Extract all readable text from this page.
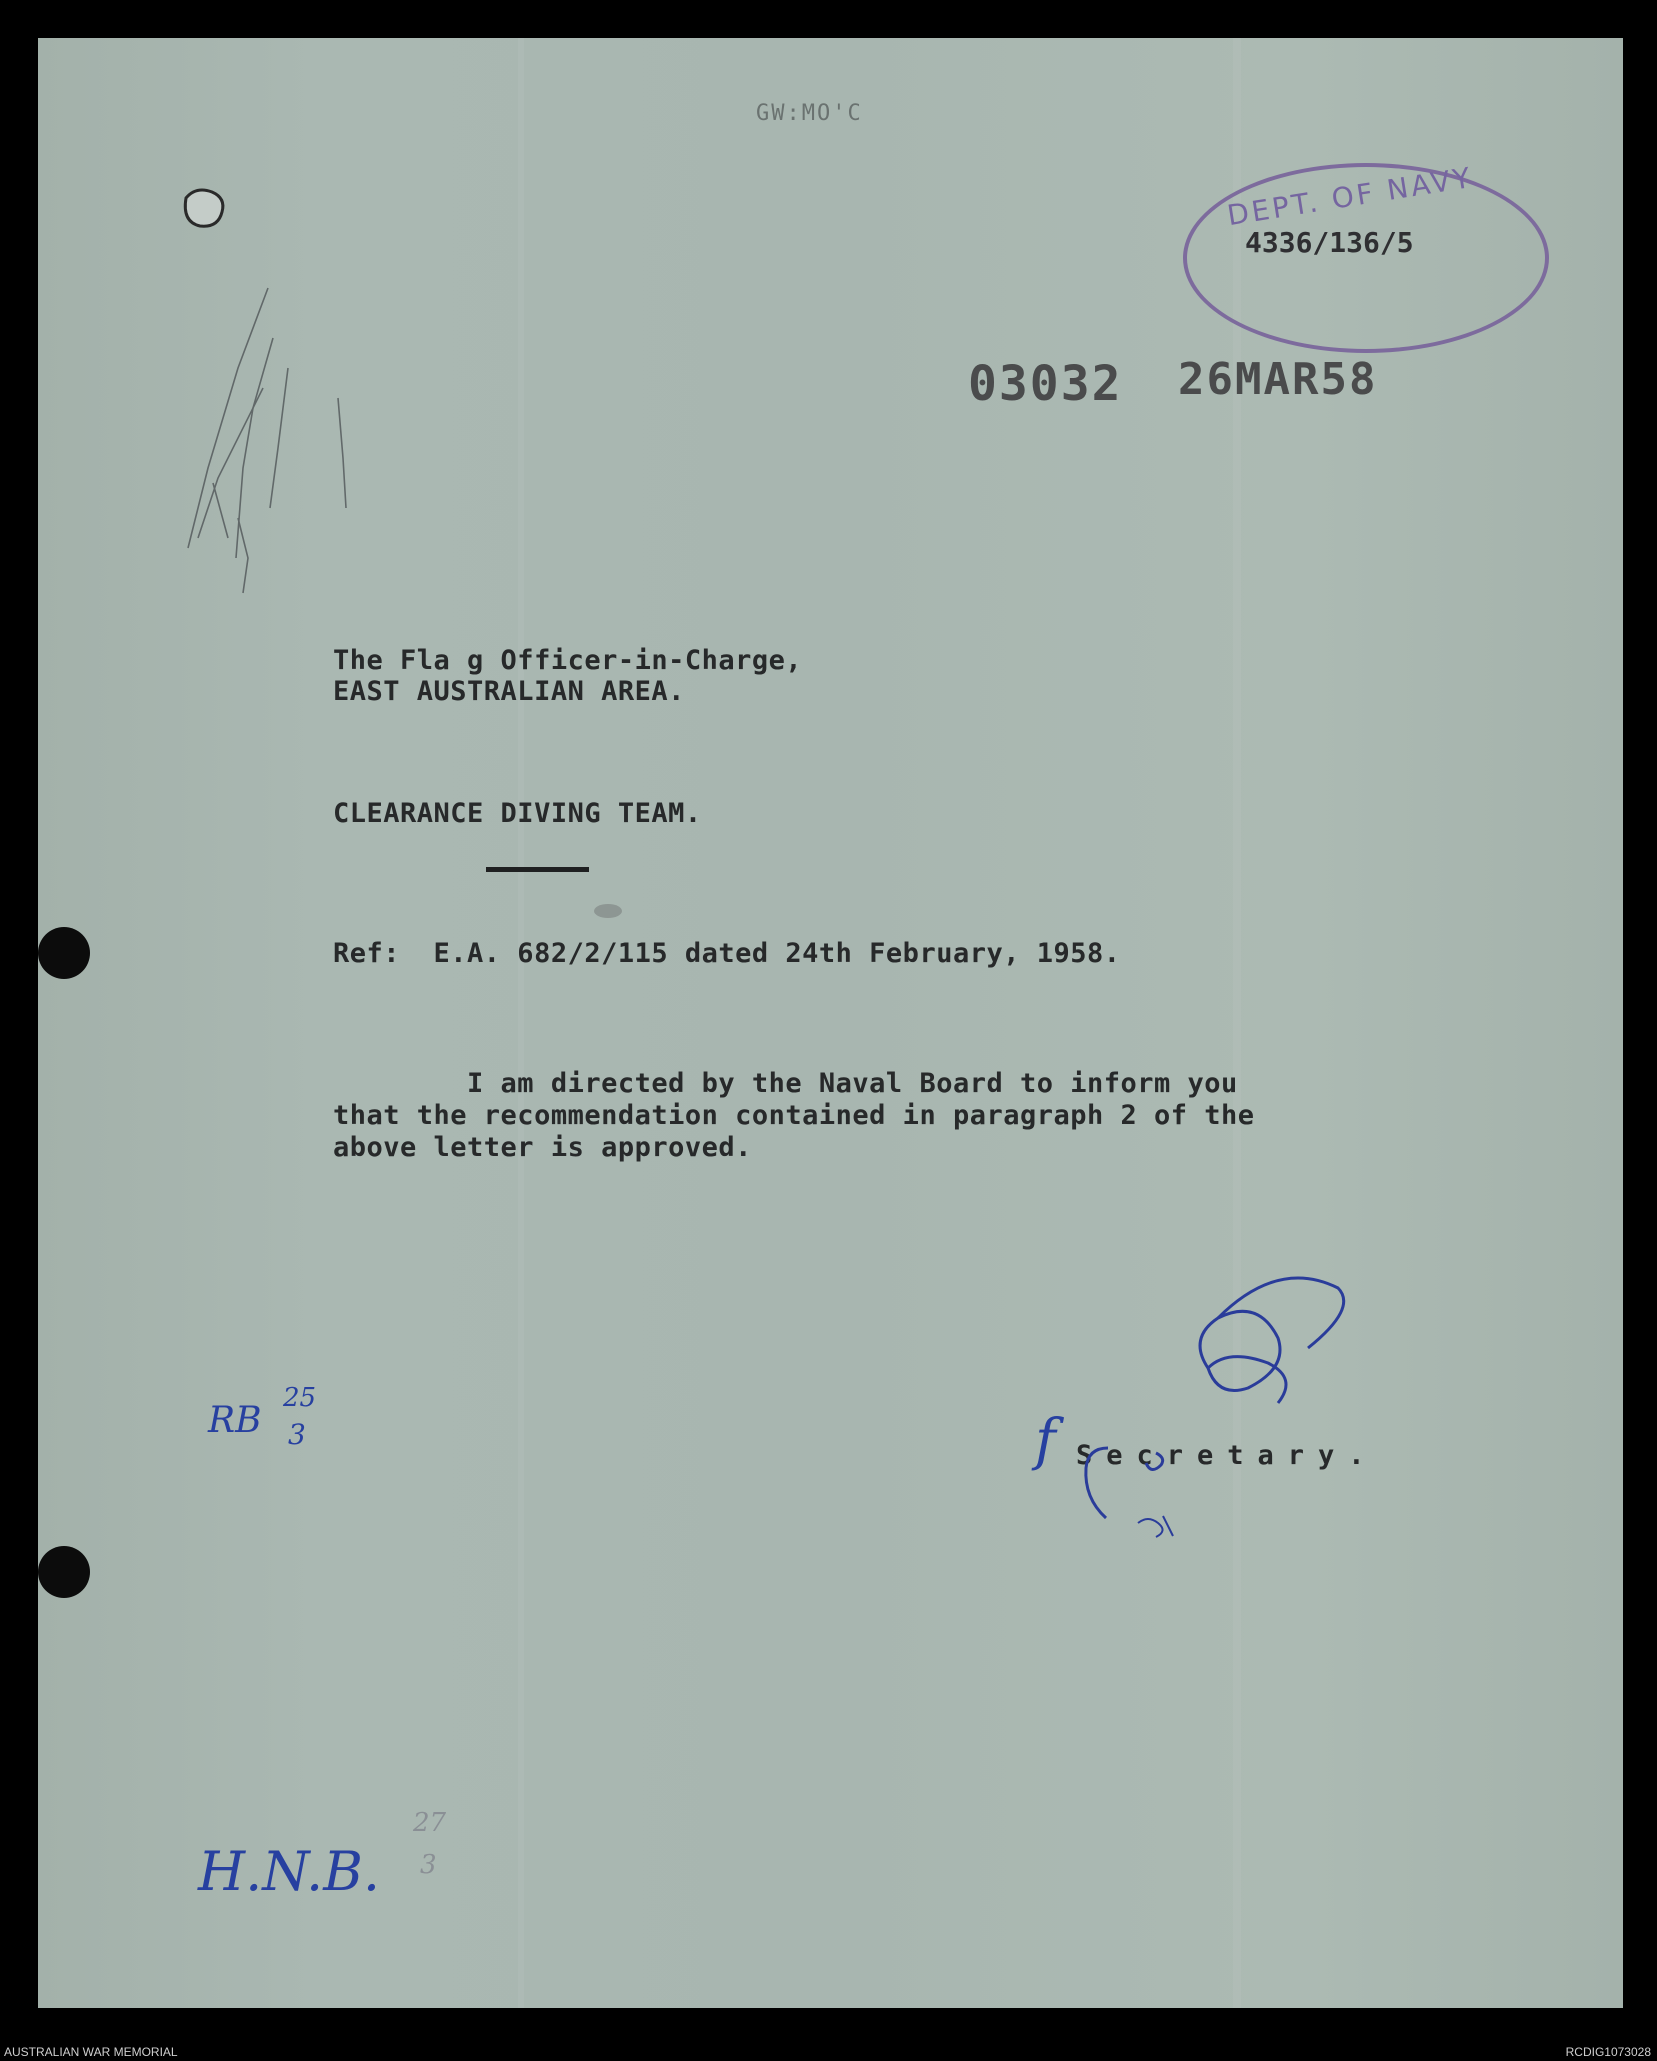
GW:MO'C
DEPT. OF NAVY
4336/136/5
03032 26MAR58
The Fla g Officer-in-Charge,
EAST AUSTRALIAN AREA.
CLEARANCE DIVING TEAM.
Ref:  E.A. 682/2/115 dated 24th February, 1958.
I am directed by the Naval Board to inform you
that the recommendation contained in paragraph 2 of the
above letter is approved.
Secretary.
f
RB
25
3
H.N.B.
27
3
AUSTRALIAN WAR MEMORIAL	RCDIG1073028
